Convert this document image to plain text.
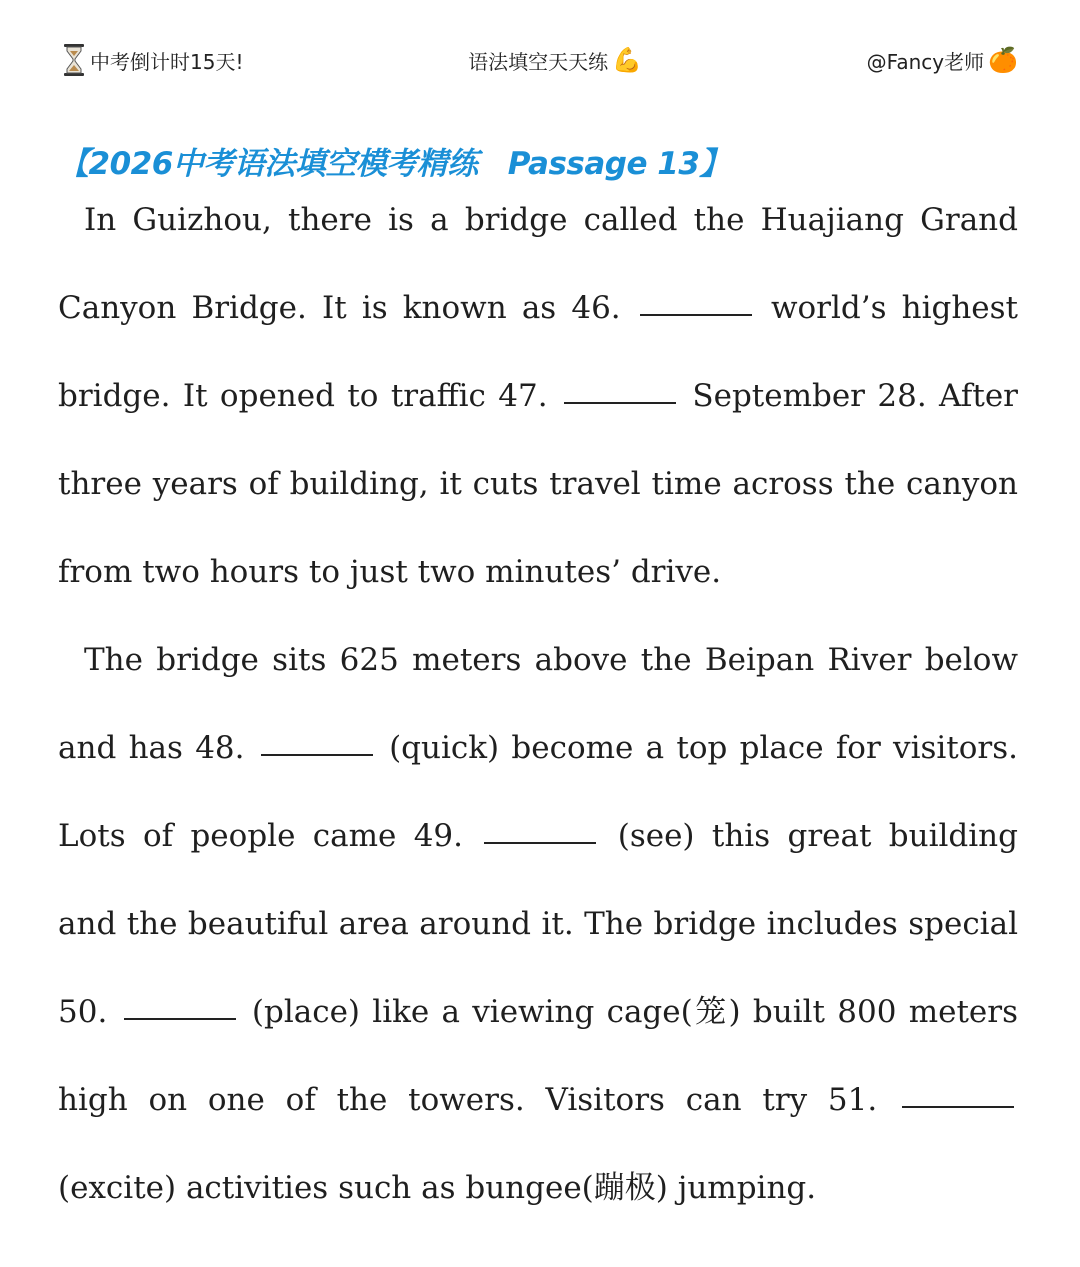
中考倒计时15天!	语法填空天天练 💪	@Fancy老师 🍊
【2026中考语法填空模考精练 Passage 13】

In Guizhou, there is a bridge called the Huajiang Grand Canyon Bridge. It is known as 46.	world’s highest bridge. It opened to traffic 47.	September 28. After three years of building, it cuts travel time across the canyon from two hours to just two minutes’ drive.

The bridge sits 625 meters above the Beipan River below and has 48.	(quick) become a top place for visitors. Lots of people came 49.	(see) this great building and the beautiful area around it. The bridge includes special 50.	(place) like a viewing cage(笼) built 800 meters high on one of the towers. Visitors can try 51.  (excite) activities such as bungee(蹦极) jumping.
